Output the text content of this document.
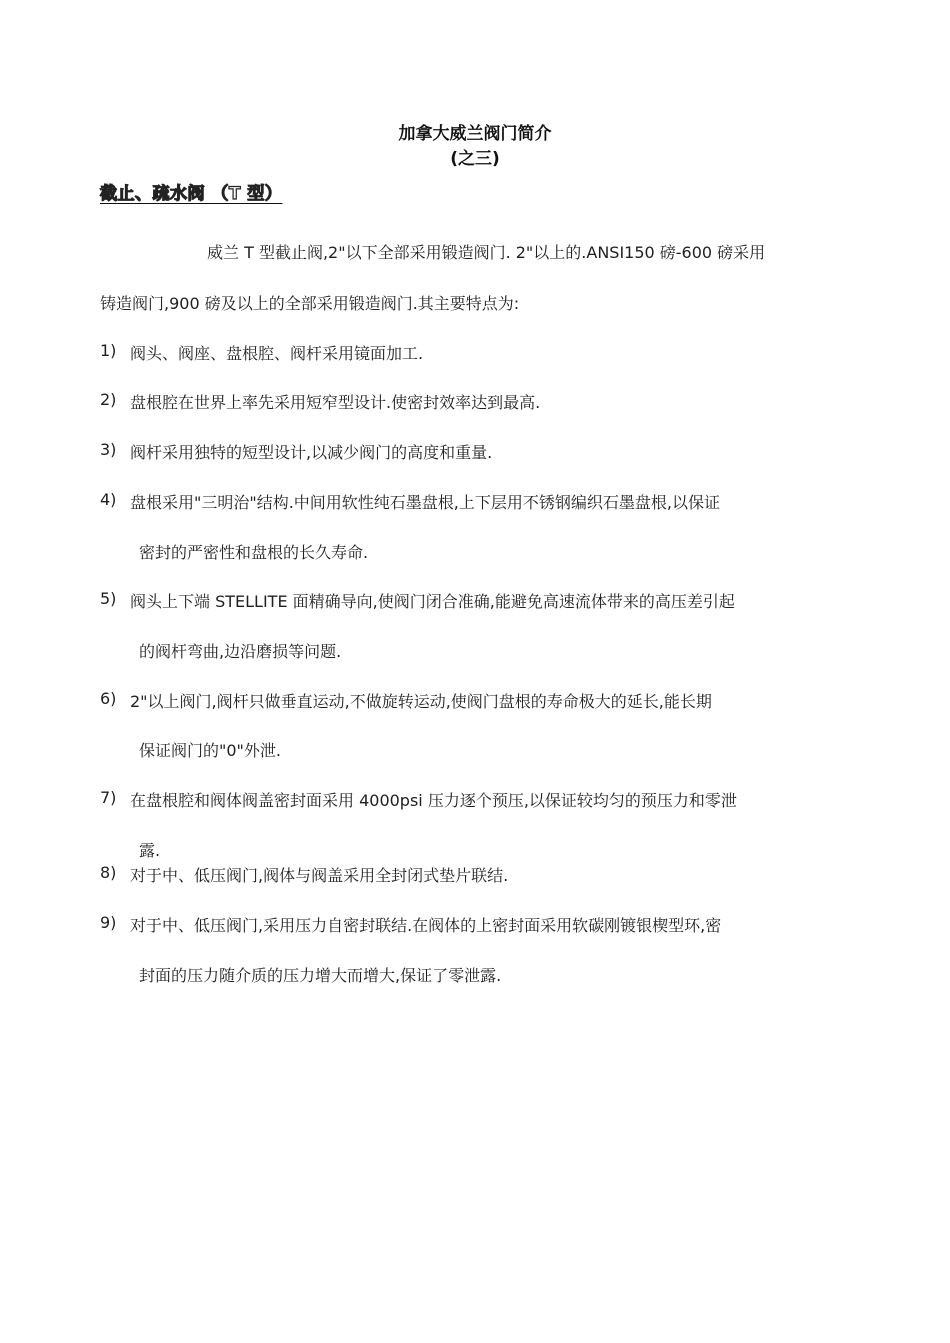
加拿大威兰阀门简介
(之三)
截止、疏水阀 （T 型）
威兰 T 型截止阀,2"以下全部采用锻造阀门. 2"以上的.ANSI150 磅-600 磅采用
铸造阀门,900 磅及以上的全部采用锻造阀门.其主要特点为:
1) 阀头、阀座、盘根腔、阀杆采用镜面加工.
2) 盘根腔在世界上率先采用短窄型设计.使密封效率达到最高.
3) 阀杆采用独特的短型设计,以减少阀门的高度和重量.
4) 盘根采用"三明治"结构.中间用软性纯石墨盘根,上下层用不锈钢编织石墨盘根,以保证
密封的严密性和盘根的长久寿命.
5) 阀头上下端 STELLITE 面精确导向,使阀门闭合准确,能避免高速流体带来的高压差引起
的阀杆弯曲,边沿磨损等问题.
6) 2"以上阀门,阀杆只做垂直运动,不做旋转运动,使阀门盘根的寿命极大的延长,能长期
保证阀门的"0"外泄.
7) 在盘根腔和阀体阀盖密封面采用 4000psi 压力逐个预压,以保证较均匀的预压力和零泄
露.
8) 对于中、低压阀门,阀体与阀盖采用全封闭式垫片联结.
9) 对于中、低压阀门,采用压力自密封联结.在阀体的上密封面采用软碳刚镀银楔型环,密
封面的压力随介质的压力增大而增大,保证了零泄露.
